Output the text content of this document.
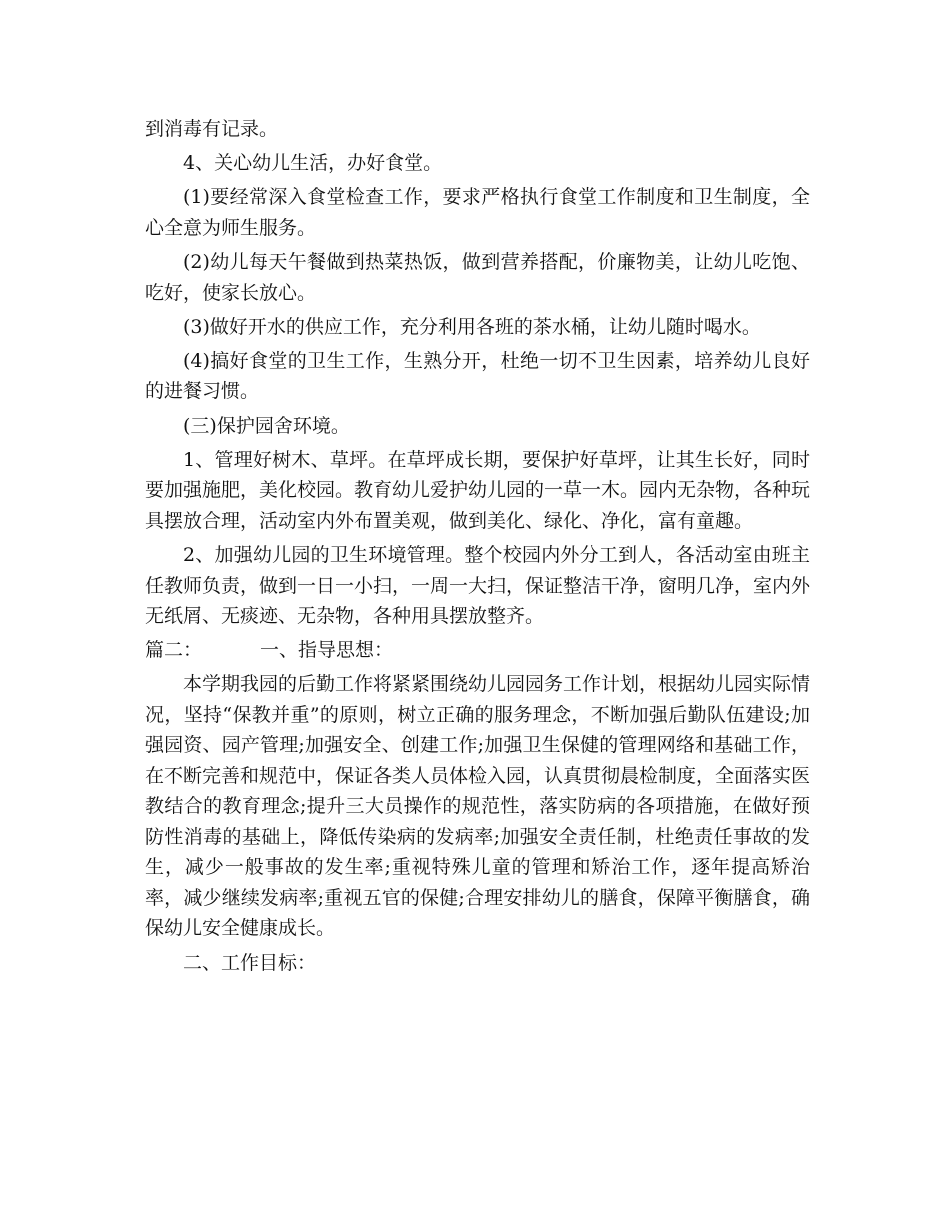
到消毒有记录。

4、关心幼儿生活，办好食堂。

(1)要经常深入食堂检查工作，要求严格执行食堂工作制度和卫生制度，全心全意为师生服务。

(2)幼儿每天午餐做到热菜热饭，做到营养搭配，价廉物美，让幼儿吃饱、吃好，使家长放心。

(3)做好开水的供应工作，充分利用各班的茶水桶，让幼儿随时喝水。

(4)搞好食堂的卫生工作，生熟分开，杜绝一切不卫生因素，培养幼儿良好的进餐习惯。

(三)保护园舍环境。

1、管理好树木、草坪。在草坪成长期，要保护好草坪，让其生长好，同时要加强施肥，美化校园。教育幼儿爱护幼儿园的一草一木。园内无杂物，各种玩具摆放合理，活动室内外布置美观，做到美化、绿化、净化，富有童趣。

2、加强幼儿园的卫生环境管理。整个校园内外分工到人，各活动室由班主任教师负责，做到一日一小扫，一周一大扫，保证整洁干净，窗明几净，室内外无纸屑、无痰迹、无杂物，各种用具摆放整齐。

篇二：	一、指导思想：

本学期我园的后勤工作将紧紧围绕幼儿园园务工作计划，根据幼儿园实际情况，坚持“保教并重”的原则，树立正确的服务理念，不断加强后勤队伍建设;加强园资、园产管理;加强安全、创建工作;加强卫生保健的管理网络和基础工作，在不断完善和规范中，保证各类人员体检入园，认真贯彻晨检制度，全面落实医教结合的教育理念;提升三大员操作的规范性，落实防病的各项措施，在做好预防性消毒的基础上，降低传染病的发病率;加强安全责任制，杜绝责任事故的发生，减少一般事故的发生率;重视特殊儿童的管理和矫治工作，逐年提高矫治率，减少继续发病率;重视五官的保健;合理安排幼儿的膳食，保障平衡膳食，确保幼儿安全健康成长。

二、工作目标：
